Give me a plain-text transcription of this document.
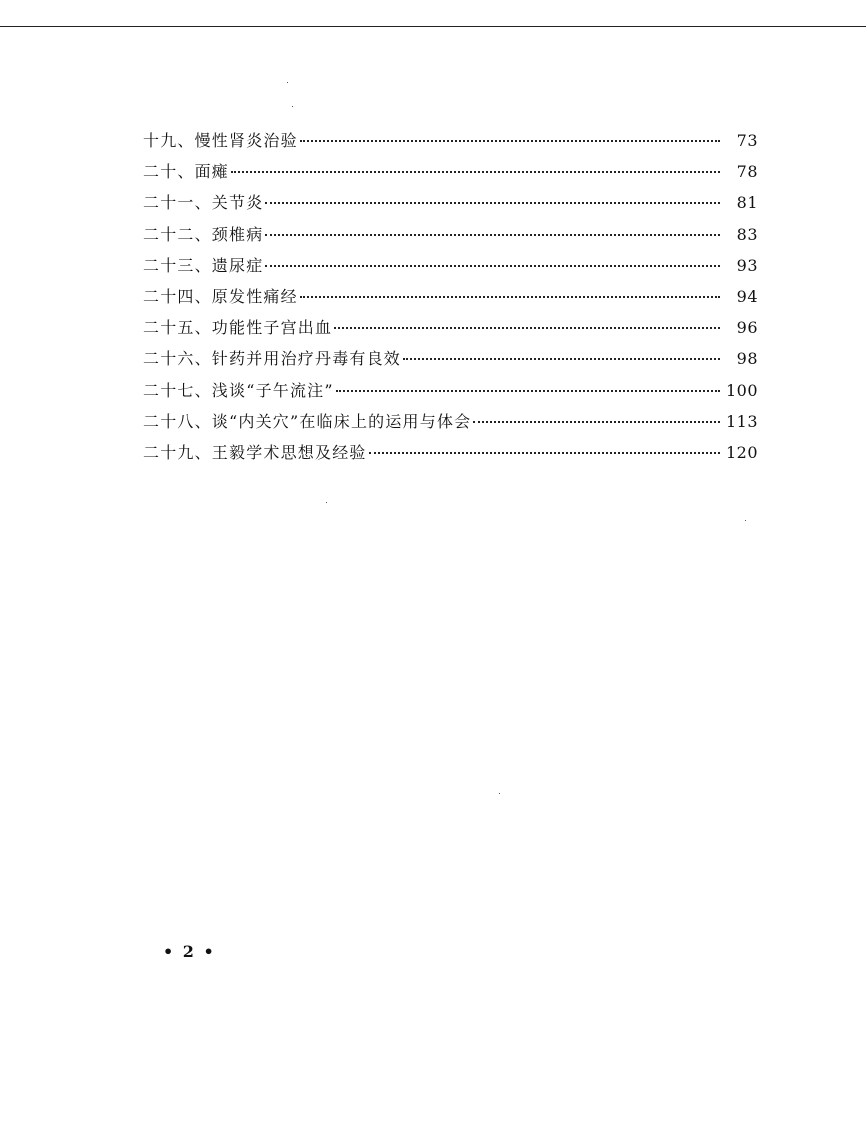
十九、慢性肾炎治验	73
二十、面瘫	78
二十一、关节炎	81
二十二、颈椎病	83
二十三、遗尿症	93
二十四、原发性痛经	94
二十五、功能性子宫出血	96
二十六、针药并用治疗丹毒有良效	98
二十七、浅谈“子午流注”	100
二十八、谈“内关穴”在临床上的运用与体会	113
二十九、王毅学术思想及经验	120
• 2 •
